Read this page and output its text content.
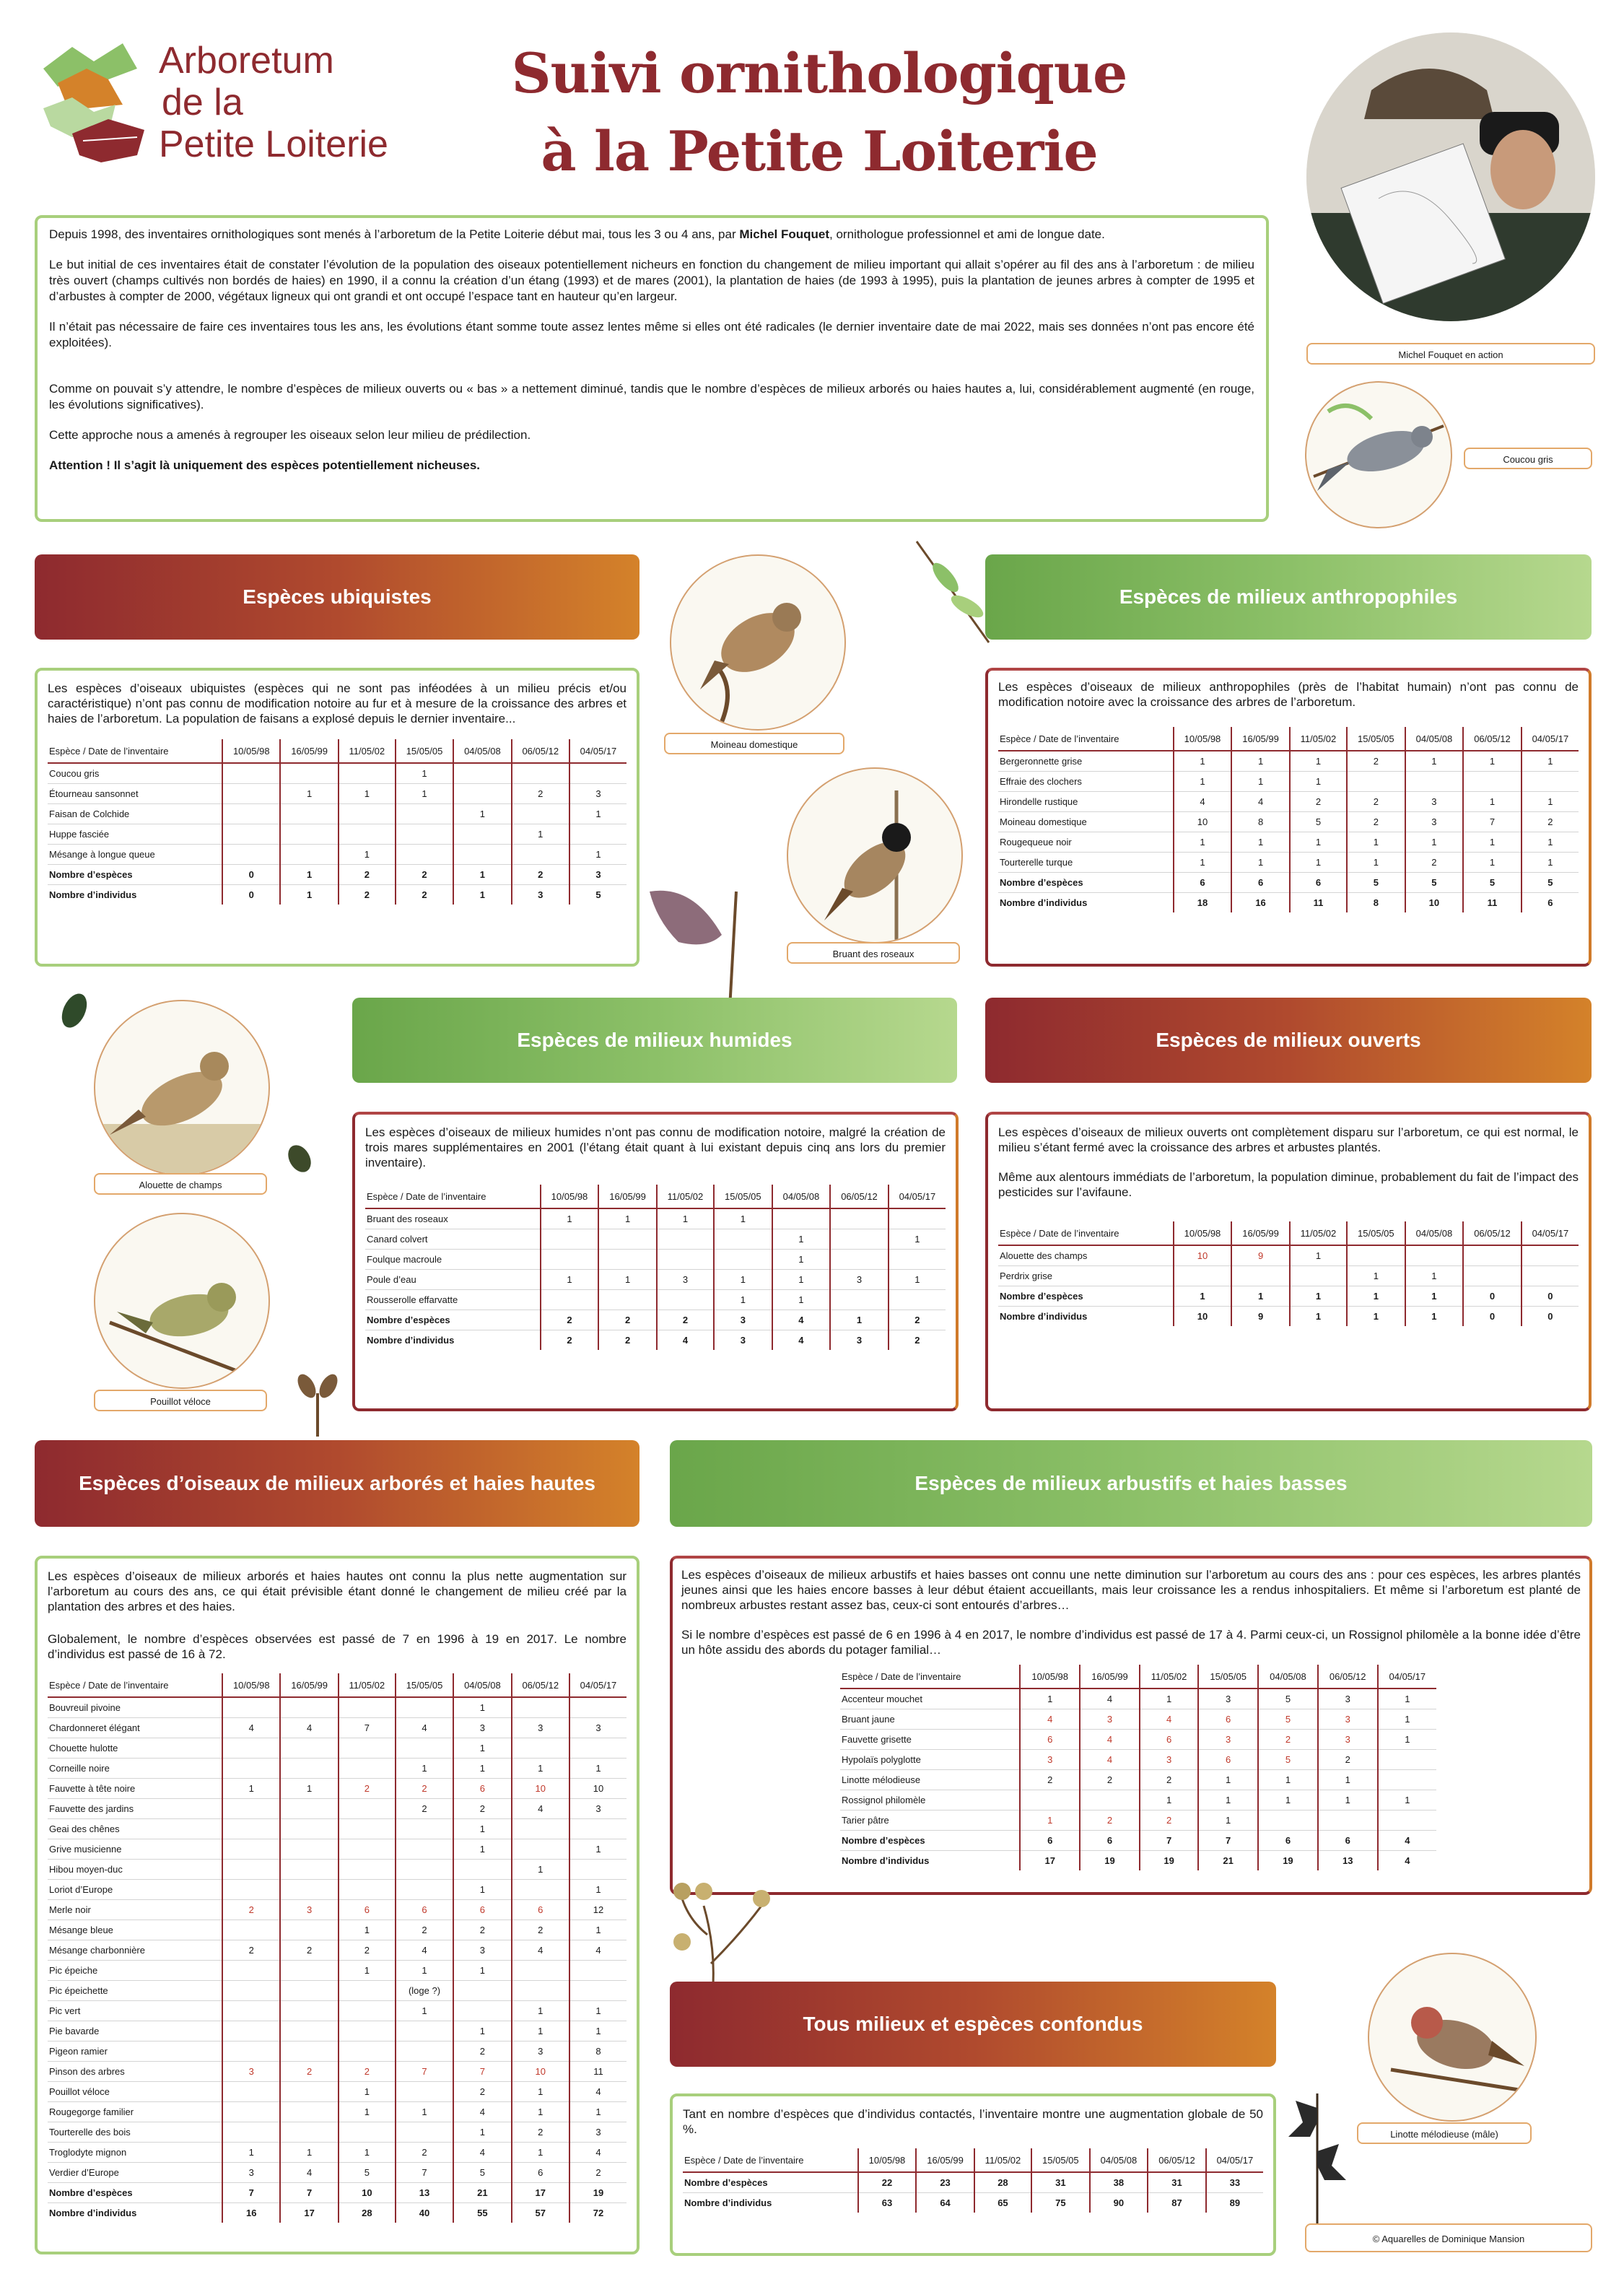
Arboretum
de la
Petite Loiterie
Suivi ornithologique
à la Petite Loiterie
Michel Fouquet en action
Coucou gris

Depuis 1998, des inventaires ornithologiques sont menés à l’arboretum de la Petite Loiterie début mai, tous les 3 ou 4 ans, par Michel Fouquet, ornithologue professionnel et ami de longue date.

Le but initial de ces inventaires était de constater l’évolution de la population des oiseaux potentiellement nicheurs en fonction du changement de milieu important qui allait s’opérer au fil des ans à l’arboretum : de milieu très ouvert (champs cultivés non bordés de haies) en 1990, il a connu la création d’un étang (1993) et de mares (2001), la plantation de haies (de 1993 à 1995), puis la plantation de jeunes arbres à compter de 1995 et d’arbustes à compter de 2000, végétaux ligneux qui ont grandi et ont occupé l’espace tant en hauteur qu’en largeur.

Il n’était pas nécessaire de faire ces inventaires tous les ans, les évolutions étant somme toute assez lentes même si elles ont été radicales (le dernier inventaire date de mai 2022, mais ses données n’ont pas encore été exploitées).

Comme on pouvait s’y attendre, le nombre d’espèces de milieux ouverts ou « bas » a nettement diminué, tandis que le nombre d’espèces de milieux arborés ou haies hautes a, lui, considérablement augmenté (en rouge, les évolutions significatives).

Cette approche nous a amenés à regrouper les oiseaux selon leur milieu de prédilection.

Attention ! Il s’agit là uniquement des espèces potentiellement nicheuses.

Espèces ubiquistes
Les espèces d’oiseaux ubiquistes (espèces qui ne sont pas inféodées à un milieu précis et/ou caractéristique) n’ont pas connu de modification notoire au fur et à mesure de la croissance des arbres et haies de l’arboretum. La population de faisans a explosé depuis le dernier inventaire...
Espèce / Date de l’inventaire	10/05/98	16/05/99	11/05/02	15/05/05	04/05/08	06/05/12	04/05/17
Coucou gris				1			
Étourneau sansonnet		1	1	1		2	3
Faisan de Colchide					1		1
Huppe fasciée						1	
Mésange à longue queue			1				1
Nombre d’espèces	0	1	2	2	1	2	3
Nombre d’individus	0	1	2	2	1	3	5
Moineau domestique
Espèces de milieux anthropophiles
Les espèces d’oiseaux de milieux anthropophiles (près de l’habitat humain) n’ont pas connu de modification notoire avec la croissance des arbres de l’arboretum.
Espèce / Date de l’inventaire	10/05/98	16/05/99	11/05/02	15/05/05	04/05/08	06/05/12	04/05/17
Bergeronnette grise	1	1	1	2	1	1	1
Effraie des clochers	1	1	1				
Hirondelle rustique	4	4	2	2	3	1	1
Moineau domestique	10	8	5	2	3	7	2
Rougequeue noir	1	1	1	1	1	1	1
Tourterelle turque	1	1	1	1	2	1	1
Nombre d’espèces	6	6	6	5	5	5	5
Nombre d’individus	18	16	11	8	10	11	6
Bruant des roseaux
Alouette de champs
Pouillot véloce
Espèces de milieux humides
Les espèces d’oiseaux de milieux humides n’ont pas connu de modification notoire, malgré la création de trois mares supplémentaires en 2001 (l’étang était quant à lui existant depuis cinq ans lors du premier inventaire).
Espèce / Date de l’inventaire	10/05/98	16/05/99	11/05/02	15/05/05	04/05/08	06/05/12	04/05/17
Bruant des roseaux	1	1	1	1			
Canard colvert					1		1
Foulque macroule					1		
Poule d’eau	1	1	3	1	1	3	1
Rousserolle effarvatte				1	1		
Nombre d’espèces	2	2	2	3	4	1	2
Nombre d’individus	2	2	4	3	4	3	2
Espèces de milieux ouverts

Les espèces d’oiseaux de milieux ouverts ont complètement disparu sur l’arboretum, ce qui est normal, le milieu s’étant fermé avec la croissance des arbres et arbustes plantés.

Même aux alentours immédiats de l’arboretum, la population diminue, probablement du fait de l’impact des pesticides sur l’avifaune.

Espèce / Date de l’inventaire	10/05/98	16/05/99	11/05/02	15/05/05	04/05/08	06/05/12	04/05/17
Alouette des champs	10	9	1				
Perdrix grise				1	1		
Nombre d’espèces	1	1	1	1	1	0	0
Nombre d’individus	10	9	1	1	1	0	0
Espèces d’oiseaux de milieux arborés et haies hautes

Les espèces d’oiseaux de milieux arborés et haies hautes ont connu la plus nette augmentation sur l’arboretum au cours des ans, ce qui était prévisible étant donné le changement de milieu créé par la plantation des arbres et des haies.

Globalement, le nombre d’espèces observées est passé de 7 en 1996 à 19 en 2017. Le nombre d’individus est passé de 16 à 72.

Espèce / Date de l’inventaire	10/05/98	16/05/99	11/05/02	15/05/05	04/05/08	06/05/12	04/05/17
Bouvreuil pivoine					1		
Chardonneret élégant	4	4	7	4	3	3	3
Chouette hulotte					1		
Corneille noire				1	1	1	1
Fauvette à tête noire	1	1	2	2	6	10	10
Fauvette des jardins				2	2	4	3
Geai des chênes					1		
Grive musicienne					1		1
Hibou moyen-duc						1	
Loriot d’Europe					1		1
Merle noir	2	3	6	6	6	6	12
Mésange bleue			1	2	2	2	1
Mésange charbonnière	2	2	2	4	3	4	4
Pic épeiche			1	1	1		
Pic épeichette				(loge ?)			
Pic vert				1		1	1
Pie bavarde					1	1	1
Pigeon ramier					2	3	8
Pinson des arbres	3	2	2	7	7	10	11
Pouillot véloce			1		2	1	4
Rougegorge familier			1	1	4	1	1
Tourterelle des bois					1	2	3
Troglodyte mignon	1	1	1	2	4	1	4
Verdier d’Europe	3	4	5	7	5	6	2
Nombre d’espèces	7	7	10	13	21	17	19
Nombre d’individus	16	17	28	40	55	57	72
Espèces de milieux arbustifs et haies basses

Les espèces d’oiseaux de milieux arbustifs et haies basses ont connu une nette diminution sur l’arboretum au cours des ans : pour ces espèces, les arbres plantés jeunes ainsi que les haies encore basses à leur début étaient accueillants, mais leur croissance les a rendus inhospitaliers. Et même si l’arboretum est planté de nombreux arbustes restant assez bas, ceux-ci sont entourés d’arbres…

Si le nombre d’espèces est passé de 6 en 1996 à 4 en 2017, le nombre d’individus est passé de 17 à 4. Parmi ceux-ci, un Rossignol philomèle a la bonne idée d’être un hôte assidu des abords du potager familial…

Espèce / Date de l’inventaire	10/05/98	16/05/99	11/05/02	15/05/05	04/05/08	06/05/12	04/05/17
Accenteur mouchet	1	4	1	3	5	3	1
Bruant jaune	4	3	4	6	5	3	1
Fauvette grisette	6	4	6	3	2	3	1
Hypolaïs polyglotte	3	4	3	6	5	2	
Linotte mélodieuse	2	2	2	1	1	1	
Rossignol philomèle			1	1	1	1	1
Tarier pâtre	1	2	2	1			
Nombre d’espèces	6	6	7	7	6	6	4
Nombre d’individus	17	19	19	21	19	13	4
Tous milieux et espèces confondus
Tant en nombre d’espèces que d’individus contactés, l’inventaire montre une augmentation globale de 50 %.
Espèce / Date de l’inventaire	10/05/98	16/05/99	11/05/02	15/05/05	04/05/08	06/05/12	04/05/17
Nombre d’espèces	22	23	28	31	38	31	33
Nombre d’individus	63	64	65	75	90	87	89
Linotte mélodieuse (mâle)
© Aquarelles de Dominique Mansion
